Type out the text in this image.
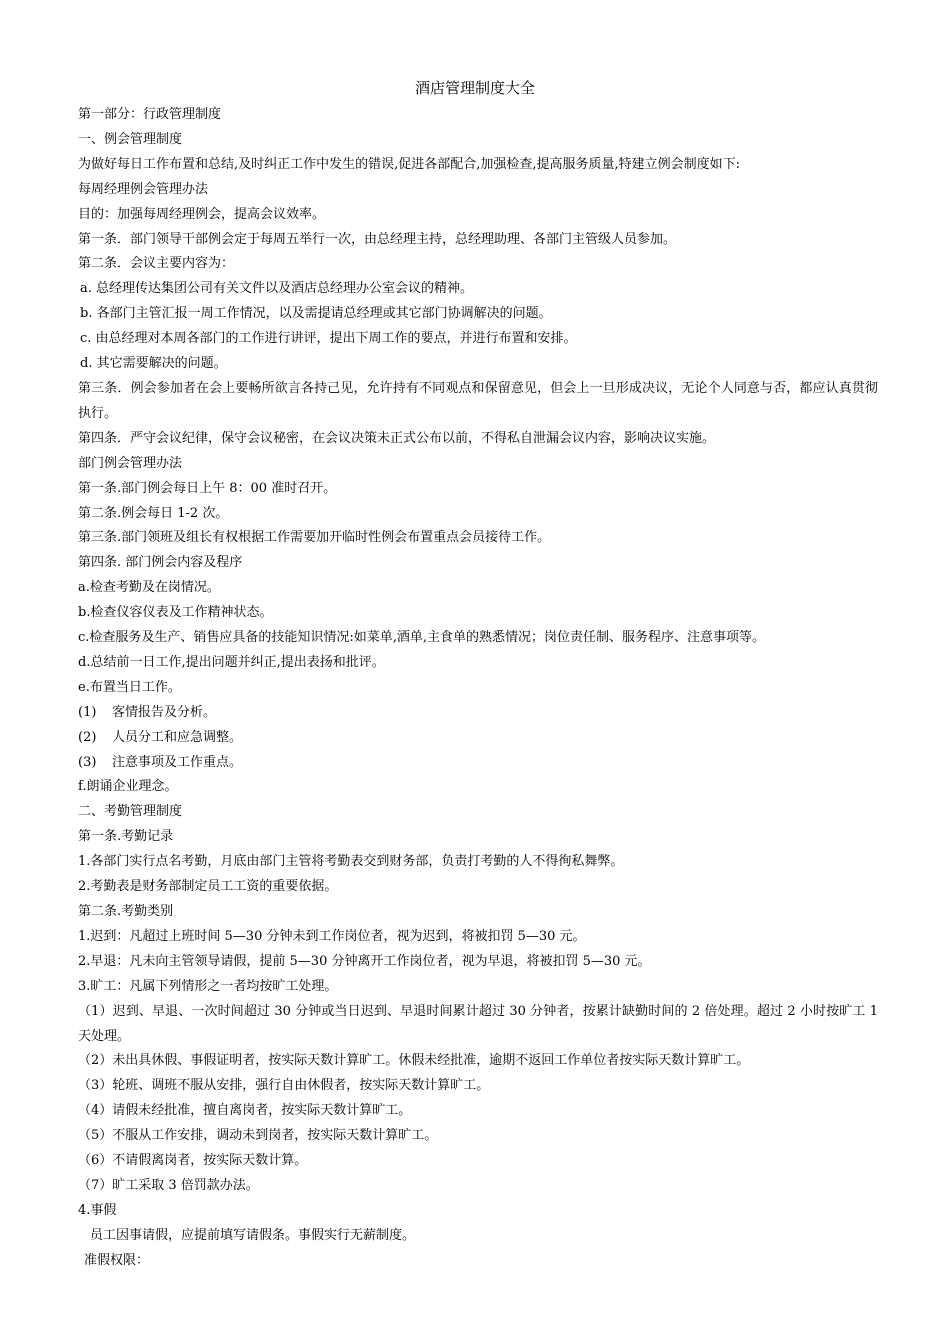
酒店管理制度大全
第一部分：行政管理制度
一、例会管理制度
为做好每日工作布置和总结,及时纠正工作中发生的错误,促进各部配合,加强检查,提高服务质量,特建立例会制度如下:
每周经理例会管理办法
目的：加强每周经理例会，提高会议效率。
第一条．部门领导干部例会定于每周五举行一次，由总经理主持，总经理助理、各部门主管级人员参加。
第二条．会议主要内容为：
a. 总经理传达集团公司有关文件以及酒店总经理办公室会议的精神。
b. 各部门主管汇报一周工作情况，以及需提请总经理或其它部门协调解决的问题。
c. 由总经理对本周各部门的工作进行讲评，提出下周工作的要点，并进行布置和安排。
d. 其它需要解决的问题。
第三条．例会参加者在会上要畅所欲言各持己见，允许持有不同观点和保留意见，但会上一旦形成决议，无论个人同意与否，都应认真贯彻执行。
第四条．严守会议纪律，保守会议秘密，在会议决策未正式公布以前，不得私自泄漏会议内容，影响决议实施。
部门例会管理办法
第一条.部门例会每日上午 8：00 准时召开。
第二条.例会每日 1-2 次。
第三条.部门领班及组长有权根据工作需要加开临时性例会布置重点会员接待工作。
第四条. 部门例会内容及程序
a.检查考勤及在岗情况。
b.检查仪容仪表及工作精神状态。
c.检查服务及生产、销售应具备的技能知识情况:如菜单,酒单,主食单的熟悉情况；岗位责任制、服务程序、注意事项等。
d.总结前一日工作,提出问题并纠正,提出表扬和批评。
e.布置当日工作。
(1) 客情报告及分析。
(2) 人员分工和应急调整。
(3) 注意事项及工作重点。
f.朗诵企业理念。
二、考勤管理制度
第一条.考勤记录
1.各部门实行点名考勤，月底由部门主管将考勤表交到财务部，负责打考勤的人不得徇私舞弊。
2.考勤表是财务部制定员工工资的重要依据。
第二条.考勤类别
1.迟到：凡超过上班时间 5—30 分钟未到工作岗位者，视为迟到，将被扣罚 5—30 元。
2.早退：凡未向主管领导请假，提前 5—30 分钟离开工作岗位者，视为早退，将被扣罚 5—30 元。
3.旷工：凡属下列情形之一者均按旷工处理。
（1）迟到、早退、一次时间超过 30 分钟或当日迟到、早退时间累计超过 30 分钟者，按累计缺勤时间的 2 倍处理。超过 2 小时按旷工 1 天处理。
（2）未出具休假、事假证明者，按实际天数计算旷工。休假未经批准，逾期不返回工作单位者按实际天数计算旷工。
（3）轮班、调班不服从安排，强行自由休假者，按实际天数计算旷工。
（4）请假未经批准，擅自离岗者，按实际天数计算旷工。
（5）不服从工作安排，调动未到岗者，按实际天数计算旷工。
（6）不请假离岗者，按实际天数计算。
（7）旷工采取 3 倍罚款办法。
4.事假
员工因事请假，应提前填写请假条。事假实行无薪制度。
准假权限：
